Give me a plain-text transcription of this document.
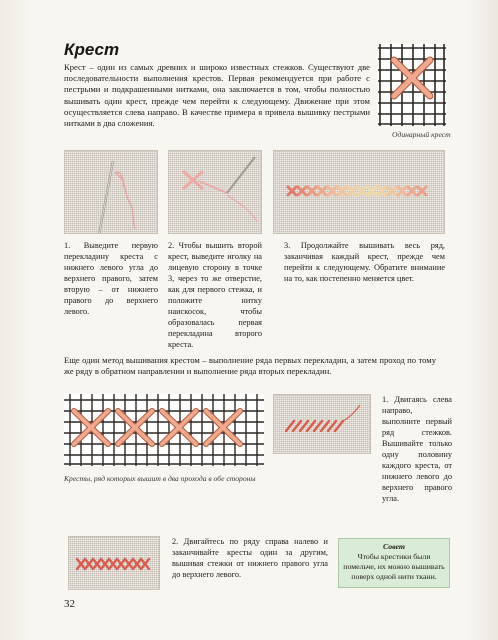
Крест
Крест – один из самых древних и широко известных стежков. Существуют две последовательности выполнения крестов. Первая рекомендуется при работе с пестрыми и подкрашенными нитками, она заключается в том, чтобы полностью вышивать один крест, прежде чем перейти к следующему. Движение при этом осуществляется слева направо. В качестве примера я привела вышивку пестрыми нитками в два сложения.
Одинарный крест
1. Выведите первую перекладину креста с нижнего левого угла до верхнего правого, затем вторую – от нижнего правого до верхнего левого.
2. Чтобы вышить второй крест, выведите иголку на лицевую сторону в точке 3, через то же отверстие, как для первого стежка, и положите нитку наискосок, чтобы образовалась первая перекладина второго креста.
3. Продолжайте вышивать весь ряд, заканчивая каждый крест, прежде чем перейти к следующему. Обратите внимание на то, как постепенно меняется цвет.
Еще один метод вышивания крестом – выполнение ряда первых перекладин, а затем проход по тому же ряду в обратном направлении и выполнение ряда вторых перекладин.
Кресты, ряд которых вышит в два прохода в обе стороны
1. Двигаясь слева направо, выполните первый ряд стежков. Вышивайте только одну половину каждого креста, от нижнего левого до верхнего правого угла.
2. Двигайтесь по ряду справа налево и заканчивайте кресты один за другим, вышивая стежки от нижнего правого угла до верхнего левого.
Совет
Чтобы крестики были помельче, их можно вышивать поверх одной нити ткани.
32
